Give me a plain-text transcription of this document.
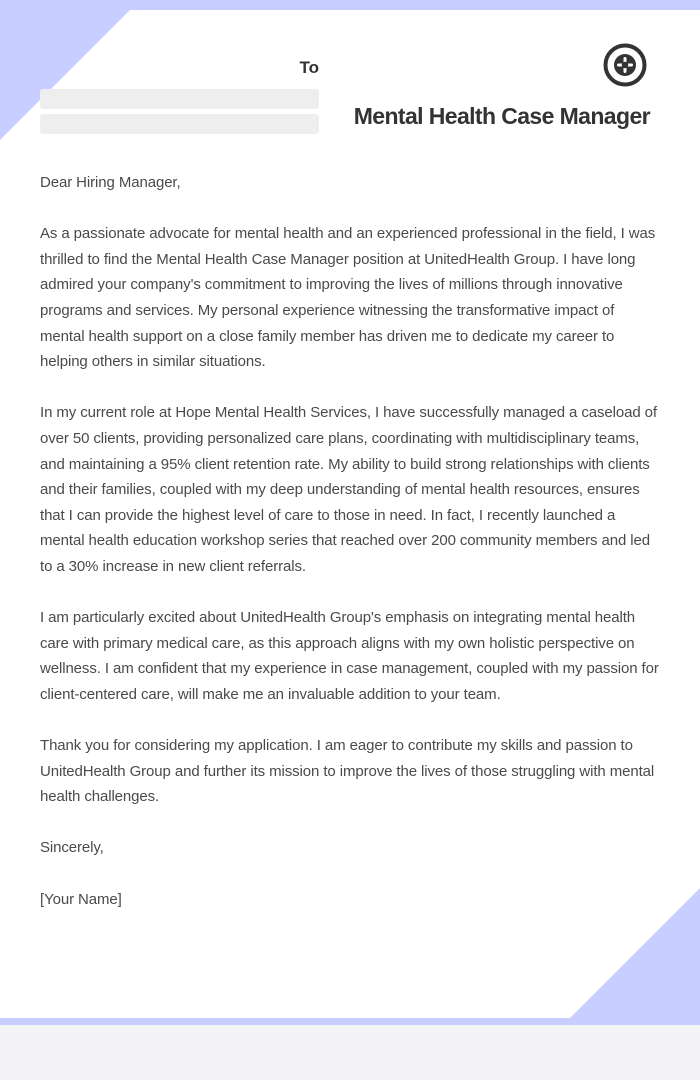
To
Mental Health Case Manager

Dear Hiring Manager,

As a passionate advocate for mental health and an experienced professional in the field, I was thrilled to find the Mental Health Case Manager position at UnitedHealth Group. I have long admired your company's commitment to improving the lives of millions through innovative programs and services. My personal experience witnessing the transformative impact of mental health support on a close family member has driven me to dedicate my career to helping others in similar situations.

In my current role at Hope Mental Health Services, I have successfully managed a caseload of over 50 clients, providing personalized care plans, coordinating with multidisciplinary teams, and maintaining a 95% client retention rate. My ability to build strong relationships with clients and their families, coupled with my deep understanding of mental health resources, ensures that I can provide the highest level of care to those in need. In fact, I recently launched a mental health education workshop series that reached over 200 community members and led to a 30% increase in new client referrals.

I am particularly excited about UnitedHealth Group's emphasis on integrating mental health care with primary medical care, as this approach aligns with my own holistic perspective on wellness. I am confident that my experience in case management, coupled with my passion for client-centered care, will make me an invaluable addition to your team.

Thank you for considering my application. I am eager to contribute my skills and passion to UnitedHealth Group and further its mission to improve the lives of those struggling with mental health challenges.

Sincerely,

[Your Name]
